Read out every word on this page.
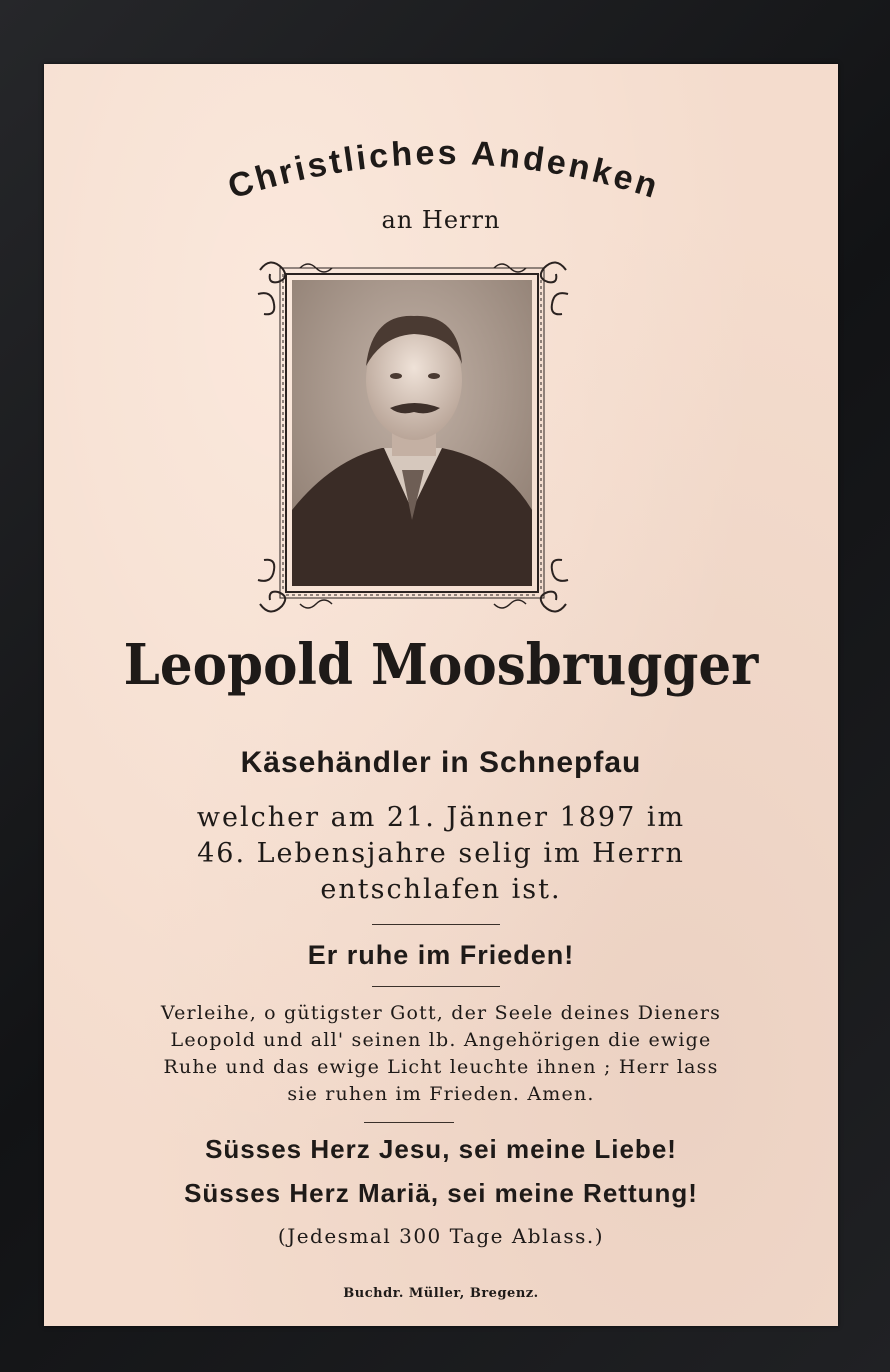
Christliches Andenken
an Herrn
Leopold Moosbrugger
Käsehändler in Schnepfau
welcher am 21. Jänner 1897 im
46. Lebensjahre selig im Herrn
entschlafen ist.
Er ruhe im Frieden!
Verleihe, o gütigster Gott, der Seele deines Dieners
Leopold und all' seinen lb. Angehörigen die ewige
Ruhe und das ewige Licht leuchte ihnen ; Herr lass
sie ruhen im Frieden. Amen.
Süsses Herz Jesu, sei meine Liebe!
Süsses Herz Mariä, sei meine Rettung!
(Jedesmal 300 Tage Ablass.)
Buchdr. Müller, Bregenz.
